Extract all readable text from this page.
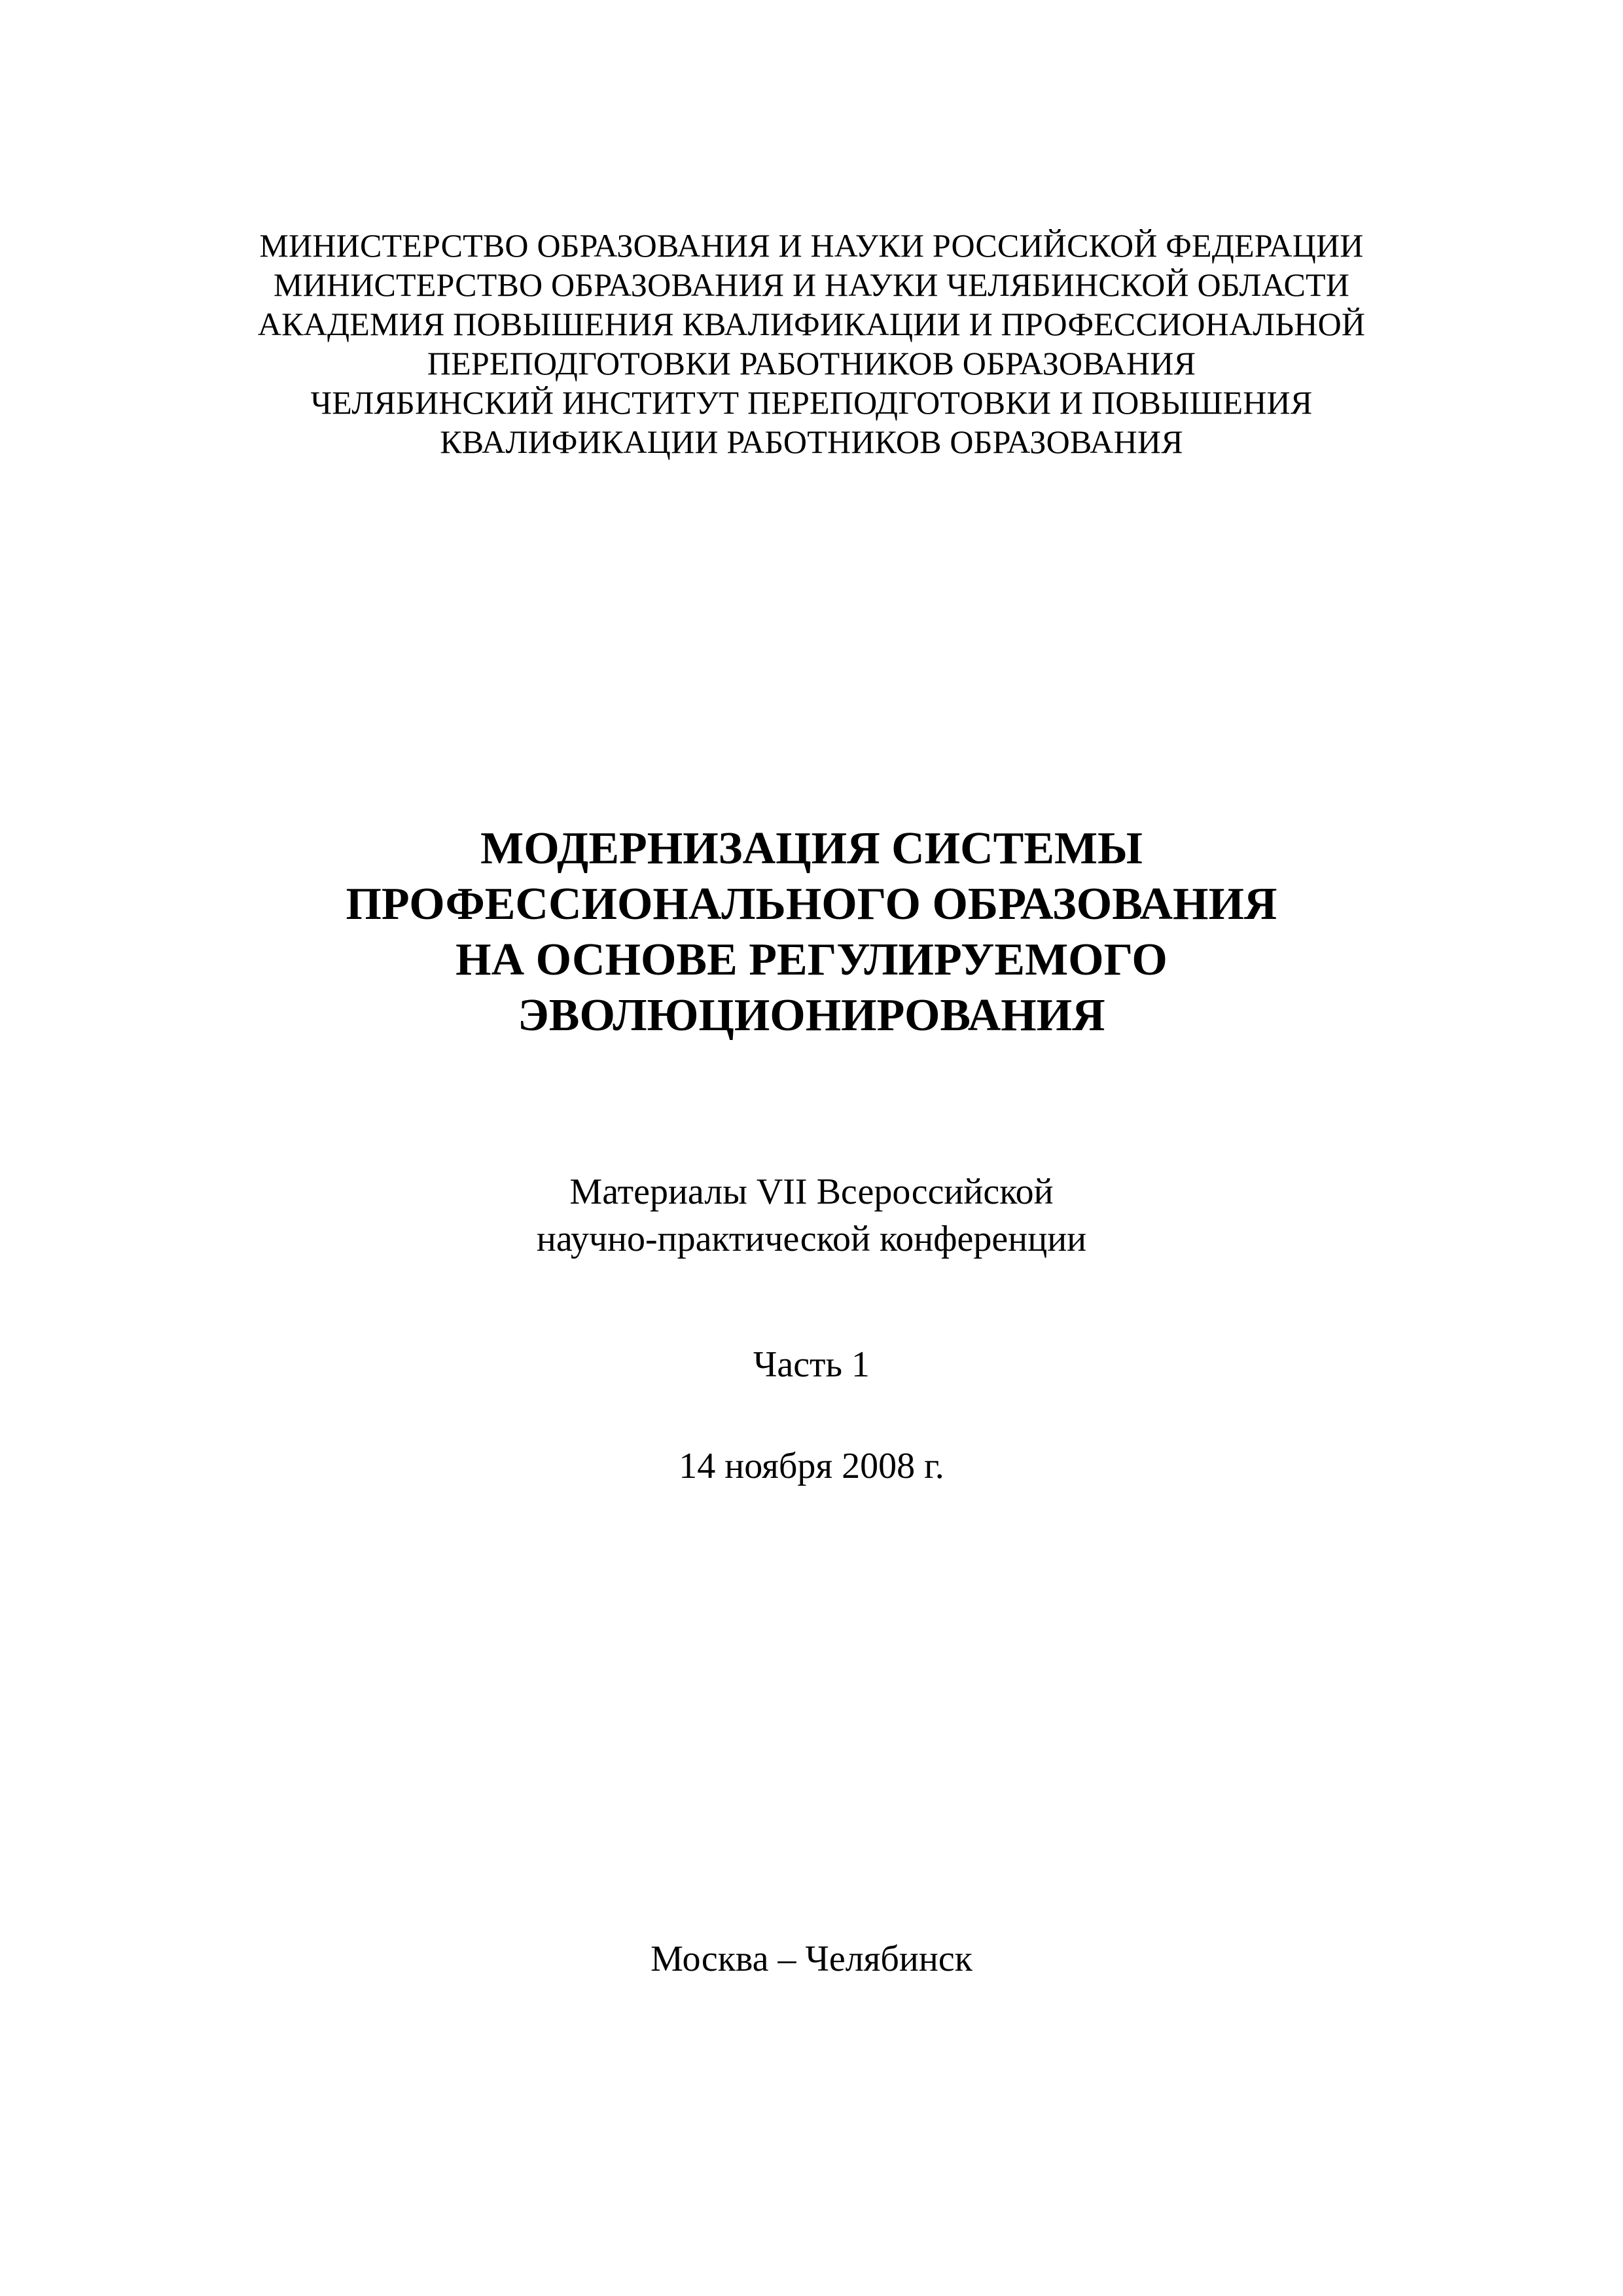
МИНИСТЕРСТВО ОБРАЗОВАНИЯ И НАУКИ РОССИЙСКОЙ ФЕДЕРАЦИИ
МИНИСТЕРСТВО ОБРАЗОВАНИЯ И НАУКИ ЧЕЛЯБИНСКОЙ ОБЛАСТИ
АКАДЕМИЯ ПОВЫШЕНИЯ КВАЛИФИКАЦИИ И ПРОФЕССИОНАЛЬНОЙ
ПЕРЕПОДГОТОВКИ РАБОТНИКОВ ОБРАЗОВАНИЯ
ЧЕЛЯБИНСКИЙ ИНСТИТУТ ПЕРЕПОДГОТОВКИ И ПОВЫШЕНИЯ
КВАЛИФИКАЦИИ РАБОТНИКОВ ОБРАЗОВАНИЯ
МОДЕРНИЗАЦИЯ СИСТЕМЫ
ПРОФЕССИОНАЛЬНОГО ОБРАЗОВАНИЯ
НА ОСНОВЕ РЕГУЛИРУЕМОГО
ЭВОЛЮЦИОНИРОВАНИЯ
Материалы VII Всероссийской
научно-практической конференции
Часть 1
14 ноября 2008 г.
Москва – Челябинск
